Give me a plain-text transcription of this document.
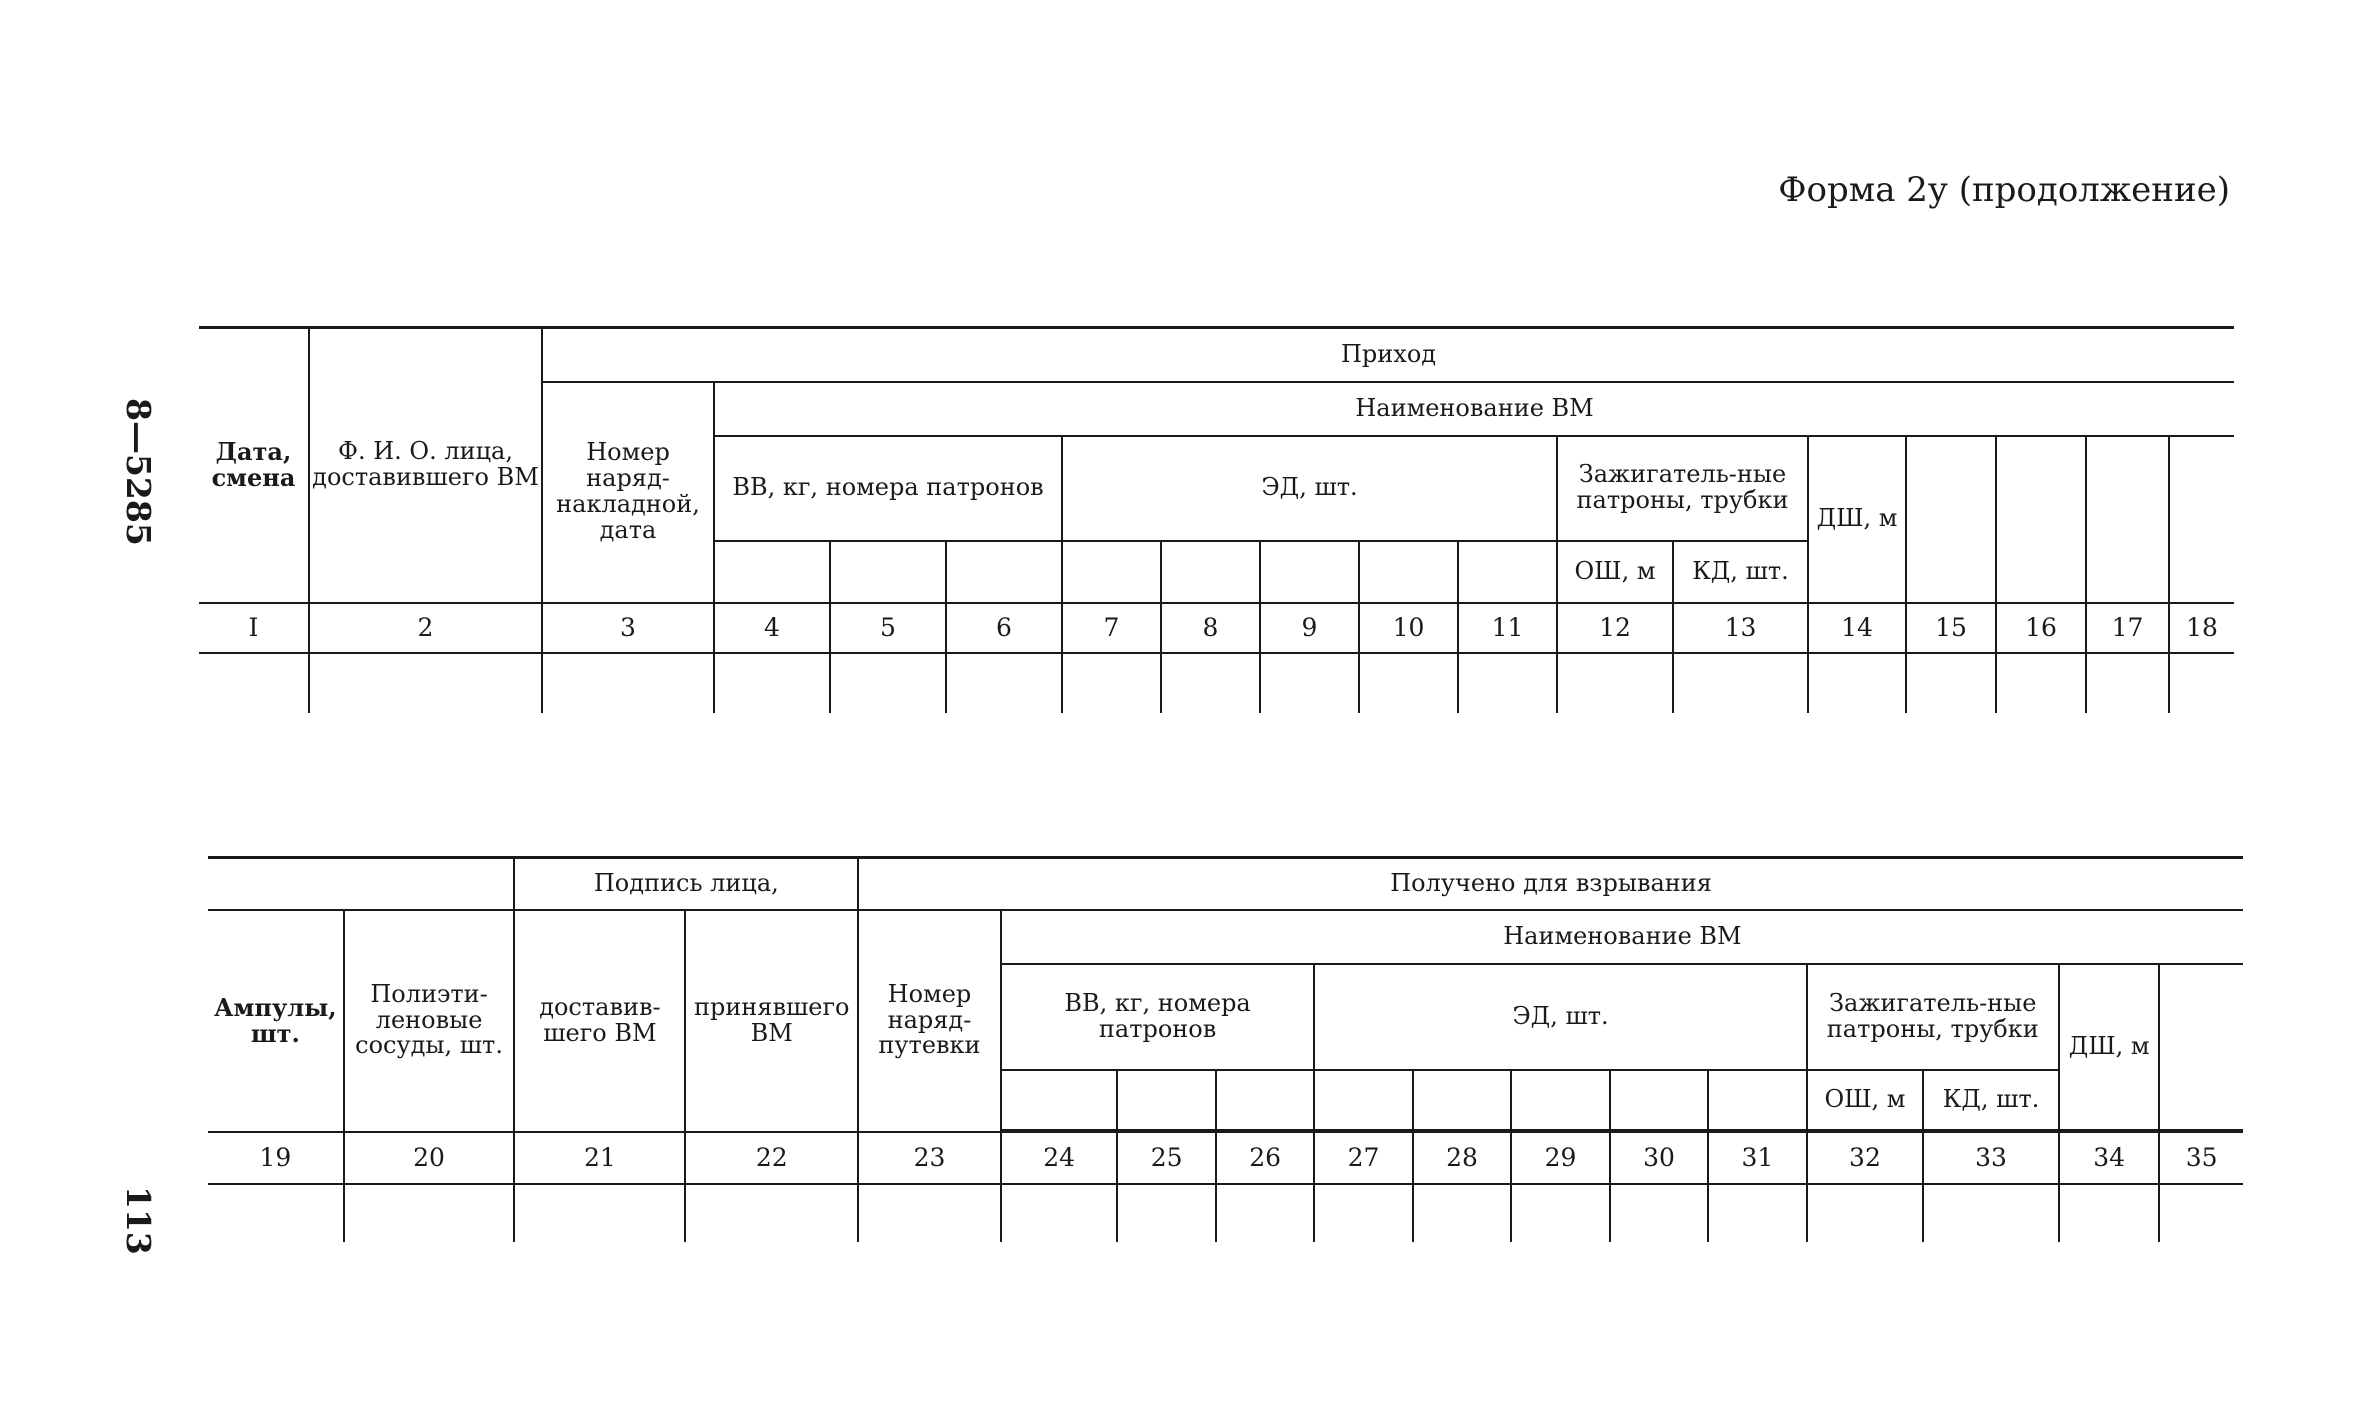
Форма 2у (продолжение)
8—5285
113
Дата, смена	Ф. И. О. лица, доставившего ВМ	Приход															
		Номер наряд-накладной, дата	Наименование ВМ														
			ВВ, кг, номера патронов			ЭД, шт.					Зажигатель-ные патроны, трубки		ДШ, м				
											ОШ, м	КД, шт.					
I	2	3	4	5	6	7	8	9	10	11	12	13	14	15	16	17	18

		Подпись лица,		Получено для взрывания												
Ампулы, шт.	Полиэти-леновые сосуды, шт.	доставив-шего ВМ	принявшего ВМ	Номер наряд-путевки	Наименование ВМ											
					ВВ, кг, номера патронов			ЭД, шт.					Зажигатель-ные патроны, трубки		ДШ, м	
													ОШ, м	КД, шт.		

19	20	21	22	23	24	25	26	27	28	29	30	31	32	33	34	35
